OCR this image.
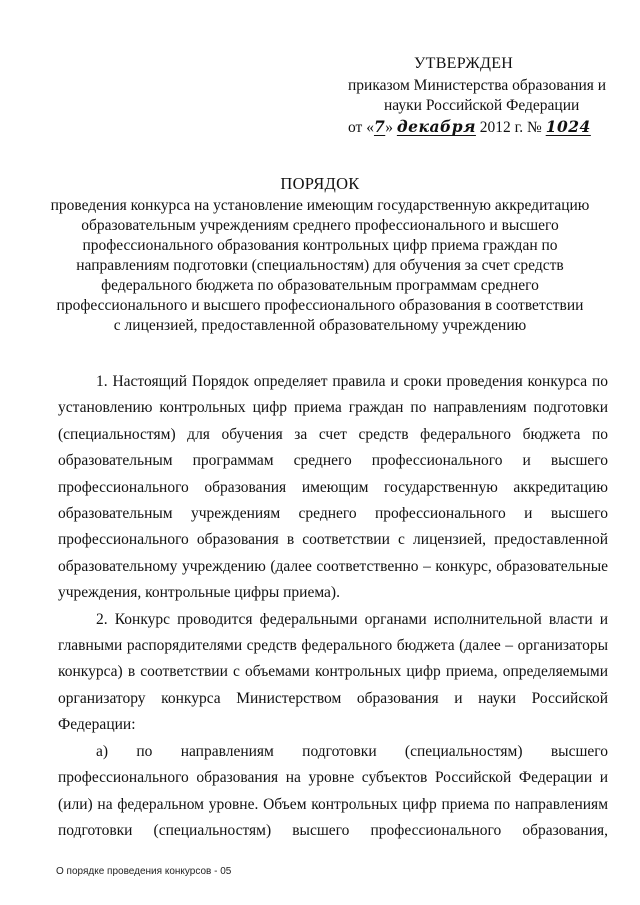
УТВЕРЖДЕН
приказом Министерства образования и
науки Российской Федерации
от «7» декабря 2012 г. № 1024
ПОРЯДОК
проведения конкурса на установление имеющим государственную аккредитацию
образовательным учреждениям среднего профессионального и высшего
профессионального образования контрольных цифр приема граждан по
направлениям подготовки (специальностям) для обучения за счет средств
федерального бюджета по образовательным программам среднего
профессионального и высшего профессионального образования в соответствии
с лицензией, предоставленной образовательному учреждению

1. Настоящий Порядок определяет правила и сроки проведения конкурса по установлению контрольных цифр приема граждан по направлениям подготовки (специальностям) для обучения за счет средств федерального бюджета по образовательным программам среднего профессионального и высшего профессионального образования имеющим государственную аккредитацию образовательным учреждениям среднего профессионального и высшего профессионального образования в соответствии с лицензией, предоставленной образовательному учреждению (далее соответственно – конкурс, образовательные учреждения, контрольные цифры приема).

2. Конкурс проводится федеральными органами исполнительной власти и главными распорядителями средств федерального бюджета (далее – организаторы конкурса) в соответствии с объемами контрольных цифр приема, определяемыми организатору конкурса Министерством образования и науки Российской Федерации:

а) по направлениям подготовки (специальностям) высшего профессионального образования на уровне субъектов Российской Федерации и (или) на федеральном уровне. Объем контрольных цифр приема по направлениям подготовки (специальностям) высшего профессионального образования,

О порядке проведения конкурсов - 05
